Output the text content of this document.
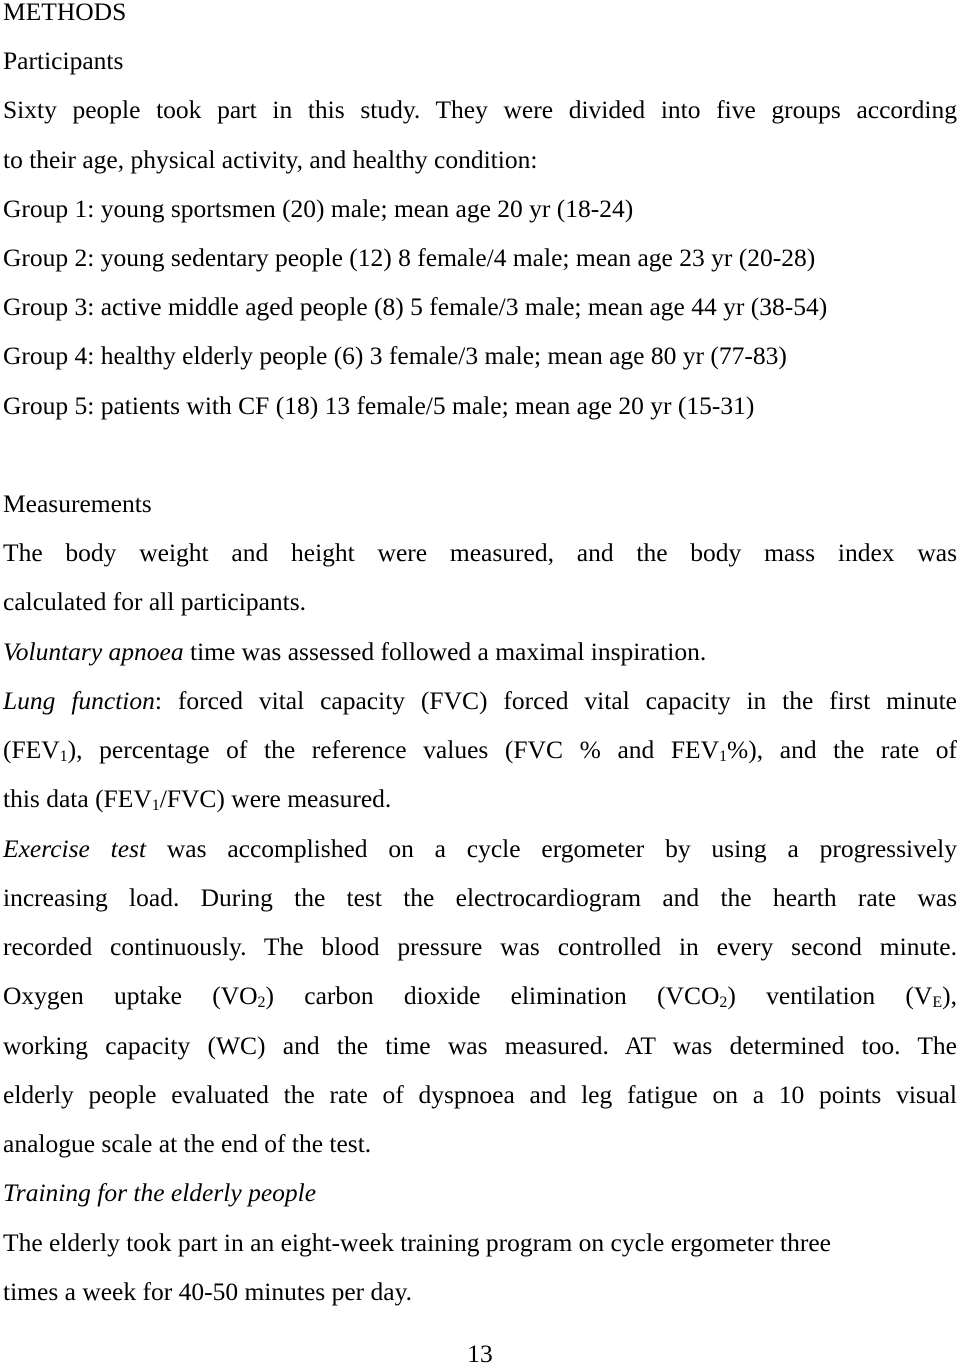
METHODS
Participants
Sixty people took part in this study. They were divided into five groups according
to their age, physical activity, and healthy condition:
Group 1: young sportsmen (20) male; mean age 20 yr (18-24)
Group 2: young sedentary people (12) 8 female/4 male; mean age 23 yr (20-28)
Group 3: active middle aged people (8) 5 female/3 male; mean age 44 yr (38-54)
Group 4: healthy elderly people (6) 3 female/3 male; mean age 80 yr (77-83)
Group 5: patients with CF (18) 13 female/5 male; mean age 20 yr (15-31)
Measurements
The body weight and height were measured, and the body mass index was
calculated for all participants.
Voluntary apnoea time was assessed followed a maximal inspiration.
Lung function: forced vital capacity (FVC) forced vital capacity in the first minute
$(FEV_1)$, percentage of the reference values (FVC % and $FEV_1\%$), and the rate of
this data $(FEV_1/FVC)$ were measured.
Exercise test was accomplished on a cycle ergometer by using a progressively
increasing load. During the test the electrocardiogram and the hearth rate was
recorded continuously. The blood pressure was controlled in every second minute.
Oxygen uptake $(VO_2)$ carbon dioxide elimination $(VCO_2)$ ventilation $(V_E)$,
working capacity (WC) and the time was measured. AT was determined too. The
elderly people evaluated the rate of dyspnoea and leg fatigue on a 10 points visual
analogue scale at the end of the test.
Training for the elderly people
The elderly took part in an eight-week training program on cycle ergometer three
times a week for 40-50 minutes per day.
13
